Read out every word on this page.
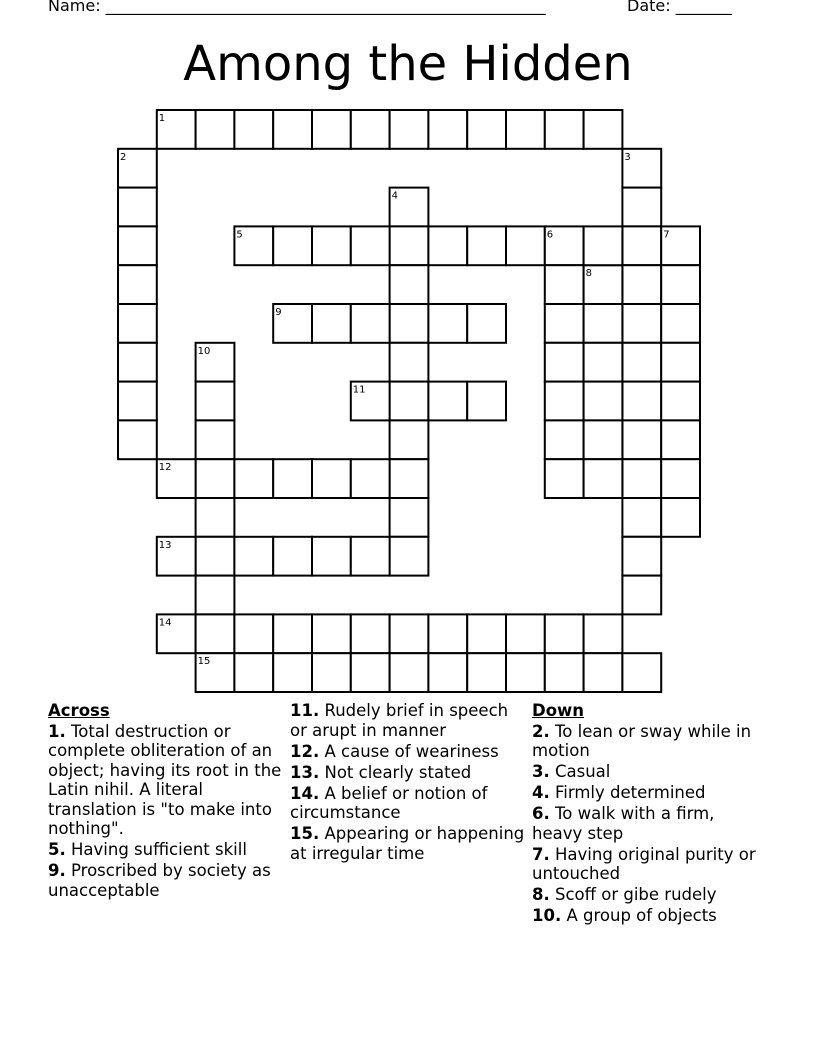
Name: _______________________________________________________	Date: _______
Among the Hidden
1
2	3
4
5	6	7
8
9
10
11
12
13
14
15
Across
1. Total destruction or complete obliteration of an object; having its root in the Latin nihil. A literal translation is "to make into nothing".
5. Having sufficient skill
9. Proscribed by society as unacceptable
11. Rudely brief in speech or arupt in manner
12. A cause of weariness
13. Not clearly stated
14. A belief or notion of circumstance
15. Appearing or happening at irregular time
Down
2. To lean or sway while in motion
3. Casual
4. Firmly determined
6. To walk with a firm, heavy step
7. Having original purity or untouched
8. Scoff or gibe rudely
10. A group of objects
